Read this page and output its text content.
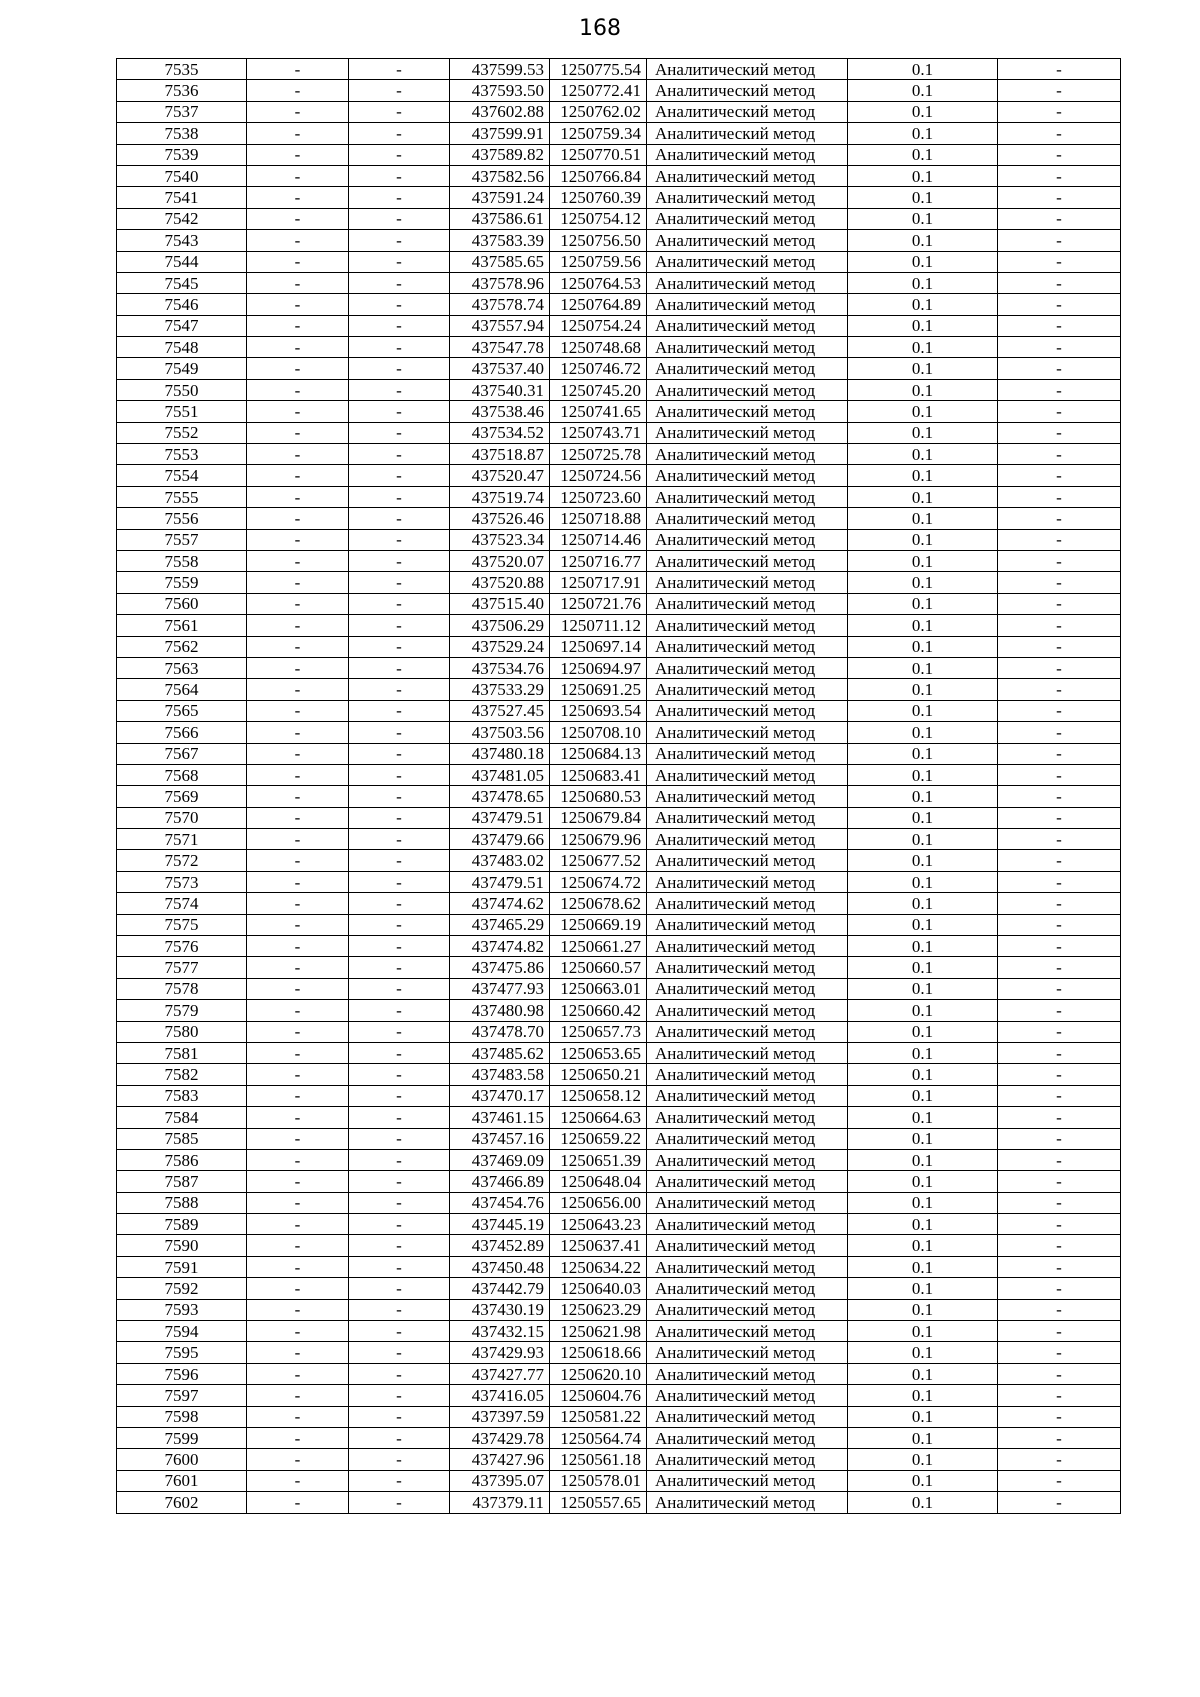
168
7535	-	-	437599.53	1250775.54	Аналитический метод	0.1	-
7536	-	-	437593.50	1250772.41	Аналитический метод	0.1	-
7537	-	-	437602.88	1250762.02	Аналитический метод	0.1	-
7538	-	-	437599.91	1250759.34	Аналитический метод	0.1	-
7539	-	-	437589.82	1250770.51	Аналитический метод	0.1	-
7540	-	-	437582.56	1250766.84	Аналитический метод	0.1	-
7541	-	-	437591.24	1250760.39	Аналитический метод	0.1	-
7542	-	-	437586.61	1250754.12	Аналитический метод	0.1	-
7543	-	-	437583.39	1250756.50	Аналитический метод	0.1	-
7544	-	-	437585.65	1250759.56	Аналитический метод	0.1	-
7545	-	-	437578.96	1250764.53	Аналитический метод	0.1	-
7546	-	-	437578.74	1250764.89	Аналитический метод	0.1	-
7547	-	-	437557.94	1250754.24	Аналитический метод	0.1	-
7548	-	-	437547.78	1250748.68	Аналитический метод	0.1	-
7549	-	-	437537.40	1250746.72	Аналитический метод	0.1	-
7550	-	-	437540.31	1250745.20	Аналитический метод	0.1	-
7551	-	-	437538.46	1250741.65	Аналитический метод	0.1	-
7552	-	-	437534.52	1250743.71	Аналитический метод	0.1	-
7553	-	-	437518.87	1250725.78	Аналитический метод	0.1	-
7554	-	-	437520.47	1250724.56	Аналитический метод	0.1	-
7555	-	-	437519.74	1250723.60	Аналитический метод	0.1	-
7556	-	-	437526.46	1250718.88	Аналитический метод	0.1	-
7557	-	-	437523.34	1250714.46	Аналитический метод	0.1	-
7558	-	-	437520.07	1250716.77	Аналитический метод	0.1	-
7559	-	-	437520.88	1250717.91	Аналитический метод	0.1	-
7560	-	-	437515.40	1250721.76	Аналитический метод	0.1	-
7561	-	-	437506.29	1250711.12	Аналитический метод	0.1	-
7562	-	-	437529.24	1250697.14	Аналитический метод	0.1	-
7563	-	-	437534.76	1250694.97	Аналитический метод	0.1	-
7564	-	-	437533.29	1250691.25	Аналитический метод	0.1	-
7565	-	-	437527.45	1250693.54	Аналитический метод	0.1	-
7566	-	-	437503.56	1250708.10	Аналитический метод	0.1	-
7567	-	-	437480.18	1250684.13	Аналитический метод	0.1	-
7568	-	-	437481.05	1250683.41	Аналитический метод	0.1	-
7569	-	-	437478.65	1250680.53	Аналитический метод	0.1	-
7570	-	-	437479.51	1250679.84	Аналитический метод	0.1	-
7571	-	-	437479.66	1250679.96	Аналитический метод	0.1	-
7572	-	-	437483.02	1250677.52	Аналитический метод	0.1	-
7573	-	-	437479.51	1250674.72	Аналитический метод	0.1	-
7574	-	-	437474.62	1250678.62	Аналитический метод	0.1	-
7575	-	-	437465.29	1250669.19	Аналитический метод	0.1	-
7576	-	-	437474.82	1250661.27	Аналитический метод	0.1	-
7577	-	-	437475.86	1250660.57	Аналитический метод	0.1	-
7578	-	-	437477.93	1250663.01	Аналитический метод	0.1	-
7579	-	-	437480.98	1250660.42	Аналитический метод	0.1	-
7580	-	-	437478.70	1250657.73	Аналитический метод	0.1	-
7581	-	-	437485.62	1250653.65	Аналитический метод	0.1	-
7582	-	-	437483.58	1250650.21	Аналитический метод	0.1	-
7583	-	-	437470.17	1250658.12	Аналитический метод	0.1	-
7584	-	-	437461.15	1250664.63	Аналитический метод	0.1	-
7585	-	-	437457.16	1250659.22	Аналитический метод	0.1	-
7586	-	-	437469.09	1250651.39	Аналитический метод	0.1	-
7587	-	-	437466.89	1250648.04	Аналитический метод	0.1	-
7588	-	-	437454.76	1250656.00	Аналитический метод	0.1	-
7589	-	-	437445.19	1250643.23	Аналитический метод	0.1	-
7590	-	-	437452.89	1250637.41	Аналитический метод	0.1	-
7591	-	-	437450.48	1250634.22	Аналитический метод	0.1	-
7592	-	-	437442.79	1250640.03	Аналитический метод	0.1	-
7593	-	-	437430.19	1250623.29	Аналитический метод	0.1	-
7594	-	-	437432.15	1250621.98	Аналитический метод	0.1	-
7595	-	-	437429.93	1250618.66	Аналитический метод	0.1	-
7596	-	-	437427.77	1250620.10	Аналитический метод	0.1	-
7597	-	-	437416.05	1250604.76	Аналитический метод	0.1	-
7598	-	-	437397.59	1250581.22	Аналитический метод	0.1	-
7599	-	-	437429.78	1250564.74	Аналитический метод	0.1	-
7600	-	-	437427.96	1250561.18	Аналитический метод	0.1	-
7601	-	-	437395.07	1250578.01	Аналитический метод	0.1	-
7602	-	-	437379.11	1250557.65	Аналитический метод	0.1	-
